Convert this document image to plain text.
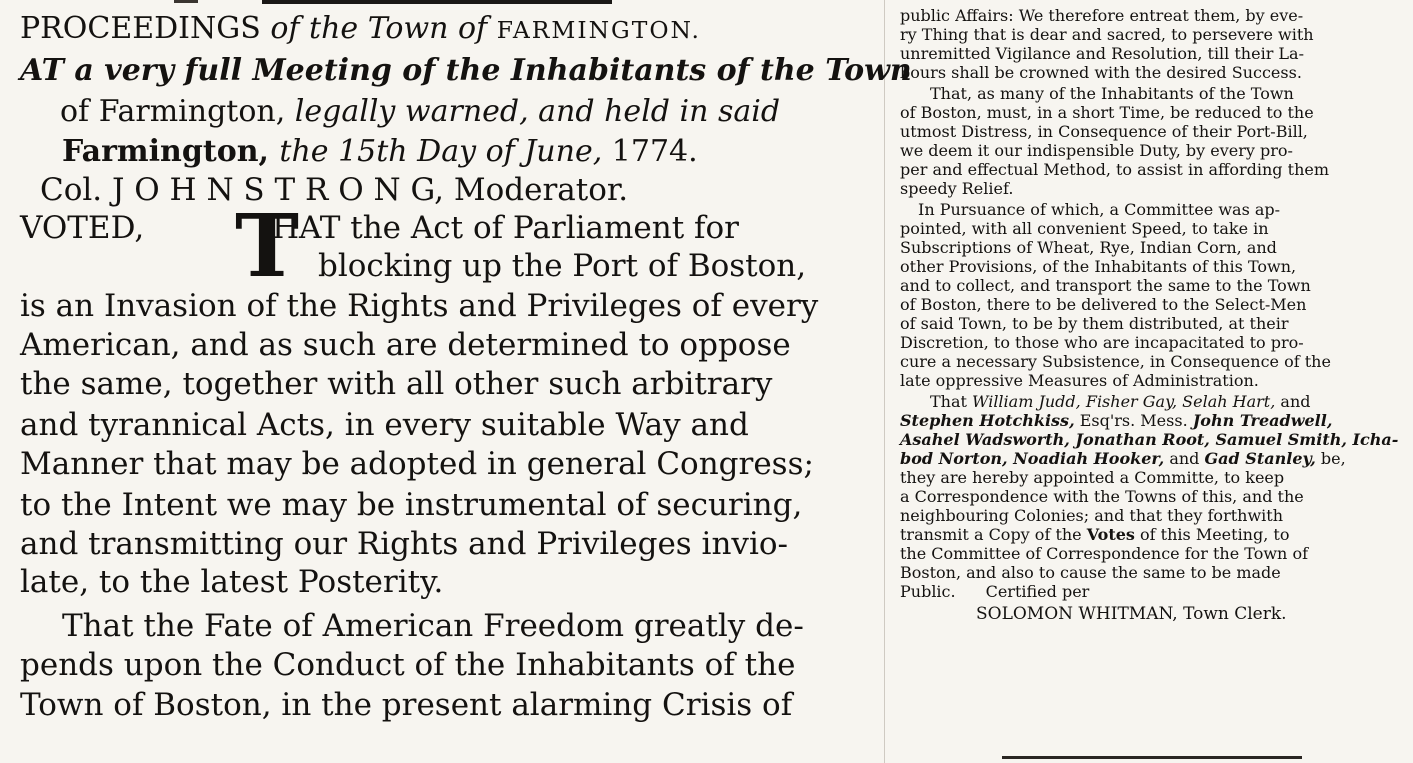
PROCEEDINGS of the Town of FARMINGTON.
AT a very full Meeting of the Inhabitants of the Town
of Farmington, legally warned, and held in said
Farmington, the 15th Day of June, 1774.
Col. J O H N S T R O N G, Moderator.
VOTED, T
HAT the Act of Parliament for
blocking up the Port of Boston,
is an Invasion of the Rights and Privileges of every
American, and as such are determined to oppose
the same, together with all other such arbitrary
and tyrannical Acts, in every suitable Way and
Manner that may be adopted in general Congress;
to the Intent we may be instrumental of securing,
and transmitting our Rights and Privileges invio-
late, to the latest Posterity.
That the Fate of American Freedom greatly de-
pends upon the Conduct of the Inhabitants of the
Town of Boston, in the present alarming Crisis of
public Affairs: We therefore entreat them, by eve-
ry Thing that is dear and sacred, to persevere with
unremitted Vigilance and Resolution, till their La-
bours shall be crowned with the desired Success.
That, as many of the Inhabitants of the Town
of Boston, must, in a short Time, be reduced to the
utmost Distress, in Consequence of their Port-Bill,
we deem it our indispensible Duty, by every pro-
per and effectual Method, to assist in affording them
speedy Relief.
In Pursuance of which, a Committee was ap-
pointed, with all convenient Speed, to take in
Subscriptions of Wheat, Rye, Indian Corn, and
other Provisions, of the Inhabitants of this Town,
and to collect, and transport the same to the Town
of Boston, there to be delivered to the Select-Men
of said Town, to be by them distributed, at their
Discretion, to those who are incapacitated to pro-
cure a necessary Subsistence, in Consequence of the
late oppressive Measures of Administration.
That William Judd, Fisher Gay, Selah Hart, and
Stephen Hotchkiss, Esq'rs. Mess. John Treadwell,
Asahel Wadsworth, Jonathan Root, Samuel Smith, Icha-
bod Norton, Noadiah Hooker, and Gad Stanley, be,
they are hereby appointed a Committe, to keep
a Correspondence with the Towns of this, and the
neighbouring Colonies; and that they forthwith
transmit a Copy of the Votes of this Meeting, to
the Committee of Correspondence for the Town of
Boston, and also to cause the same to be made
Public. Certified per
SOLOMON WHITMAN, Town Clerk.
